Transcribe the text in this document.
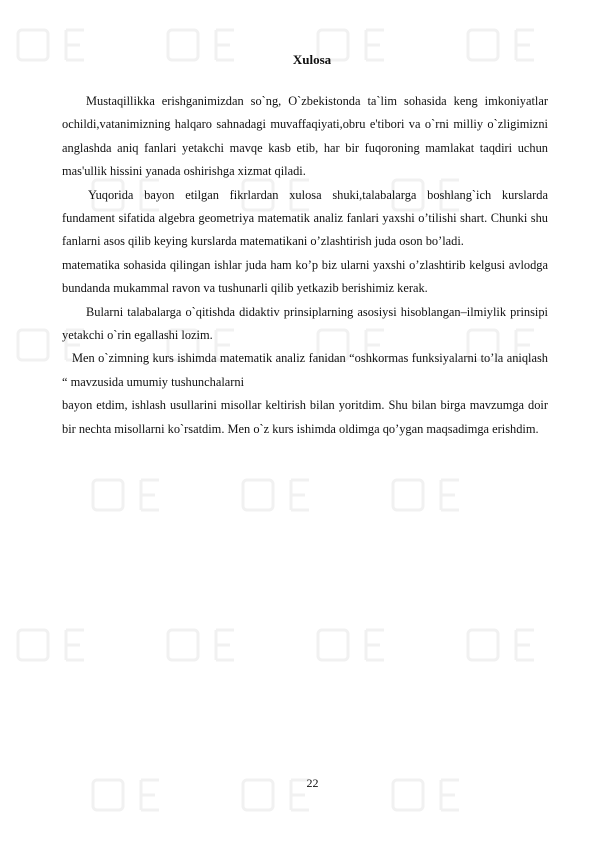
Xulosa

Mustaqillikka erishganimizdan so`ng, O`zbekistonda ta`lim sohasida keng imkoniyatlar ochildi,vatanimizning halqaro sahnadagi muvaffaqiyati,obru e'tibori va o`rni milliy o`zligimizni anglashda aniq fanlari yetakchi mavqe kasb etib, har bir fuqoroning mamlakat taqdiri uchun mas'ullik hissini yanada oshirishga xizmat qiladi.

Yuqorida bayon etilgan fikrlardan xulosa shuki,talabalarga boshlang`ich kurslarda fundament sifatida algebra geometriya matematik analiz fanlari yaxshi o’tilishi shart. Chunki shu fanlarni asos qilib keying kurslarda matematikani o’zlashtirish juda oson bo’ladi.

matematika sohasida qilingan ishlar juda ham ko’p biz ularni yaxshi o’zlashtirib kelgusi avlodga bundanda mukammal ravon va tushunarli qilib yetkazib berishimiz kerak.

Bularni talabalarga o`qitishda didaktiv prinsiplarning asosiysi hisoblangan–ilmiylik prinsipi yetakchi o`rin egallashi lozim.

Men o`zimning kurs ishimda matematik analiz fanidan “oshkormas funksiyalarni to’la aniqlash “ mavzusida umumiy tushunchalarni

bayon etdim, ishlash usullarini misollar keltirish bilan yoritdim. Shu bilan birga mavzumga doir bir nechta misollarni ko`rsatdim. Men o`z kurs ishimda oldimga qo’ygan maqsadimga erishdim.

22
